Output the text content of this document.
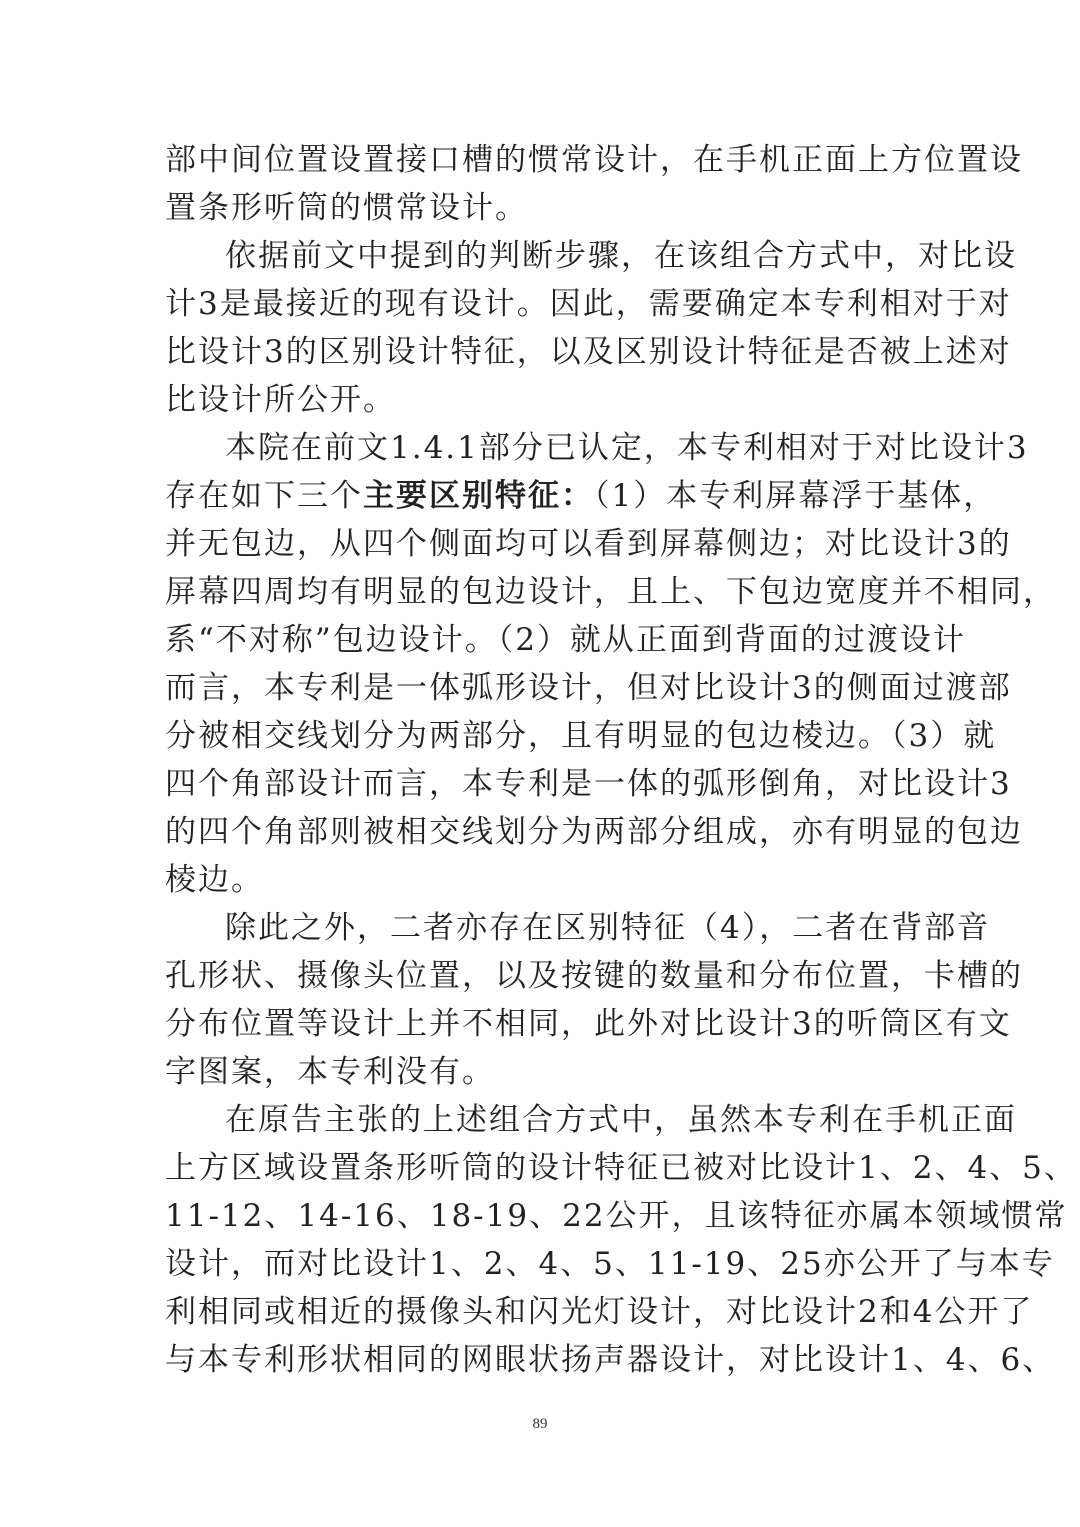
部中间位置设置接口槽的惯常设计，在手机正面上方位置设
置条形听筒的惯常设计。
依据前文中提到的判断步骤，在该组合方式中，对比设
计3是最接近的现有设计。因此，需要确定本专利相对于对
比设计3的区别设计特征，以及区别设计特征是否被上述对
比设计所公开。
本院在前文1.4.1部分已认定，本专利相对于对比设计3
存在如下三个主要区别特征：（1）本专利屏幕浮于基体，
并无包边，从四个侧面均可以看到屏幕侧边；对比设计3的
屏幕四周均有明显的包边设计，且上、下包边宽度并不相同，
系“不对称”包边设计。（2）就从正面到背面的过渡设计
而言，本专利是一体弧形设计，但对比设计3的侧面过渡部
分被相交线划分为两部分，且有明显的包边棱边。（3）就
四个角部设计而言，本专利是一体的弧形倒角，对比设计3
的四个角部则被相交线划分为两部分组成，亦有明显的包边
棱边。
除此之外，二者亦存在区别特征（4），二者在背部音
孔形状、摄像头位置，以及按键的数量和分布位置，卡槽的
分布位置等设计上并不相同，此外对比设计3的听筒区有文
字图案，本专利没有。
在原告主张的上述组合方式中，虽然本专利在手机正面
上方区域设置条形听筒的设计特征已被对比设计1、2、4、5、
11-12、14-16、18-19、22公开，且该特征亦属本领域惯常
设计，而对比设计1、2、4、5、11-19、25亦公开了与本专
利相同或相近的摄像头和闪光灯设计，对比设计2和4公开了
与本专利形状相同的网眼状扬声器设计，对比设计1、4、6、
89
